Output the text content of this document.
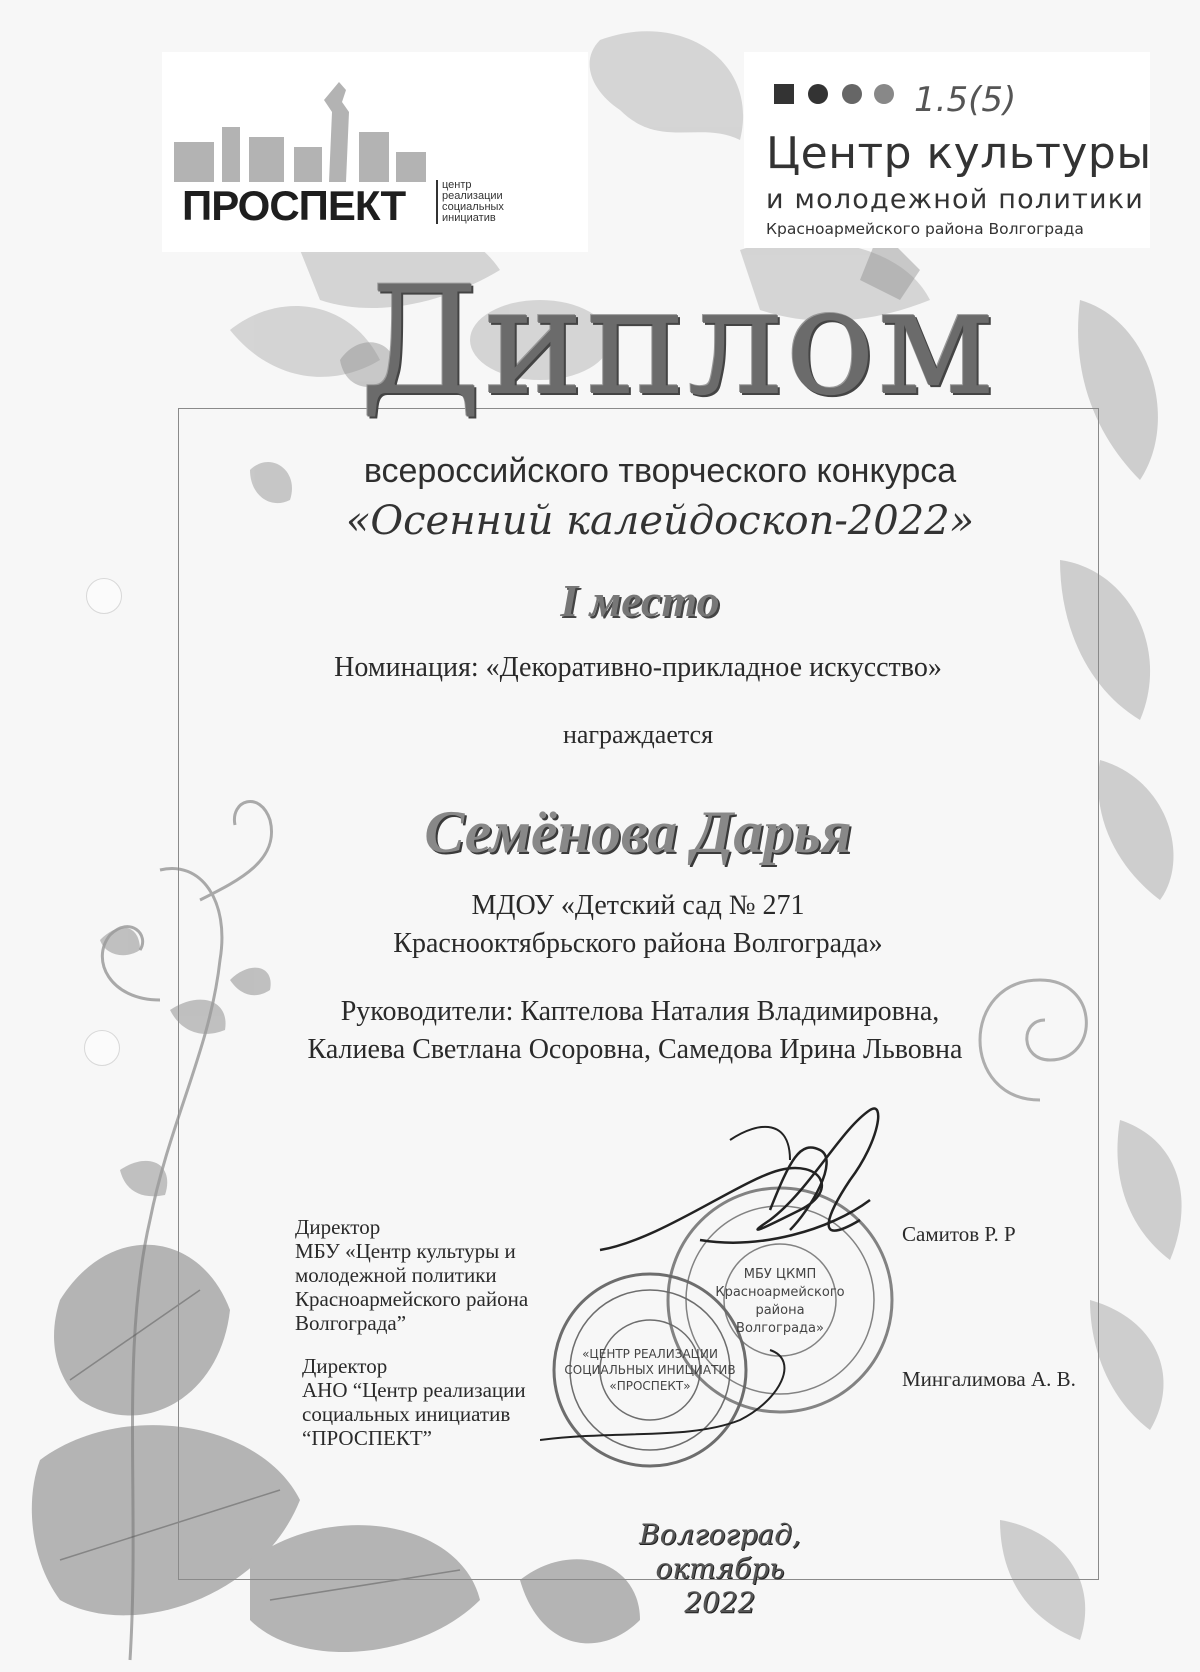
ПРОСПЕКТ	центр
реализации
социальных
инициатив
1.5(5)
Центр культуры
и молодежной политики
Красноармейского района Волгограда
Диплом
всероссийского творческого конкурса
«Осенний калейдоскоп-2022»
I место
Номинация: «Декоративно-прикладное искусство»
награждается
Семёнова Дарья
МДОУ «Детский сад № 271
Краснооктябрьского района Волгограда»
Руководители: Каптелова Наталия Владимировна,
Калиева Светлана Осоровна, Самедова Ирина Львовна
Директор
МБУ «Центр культуры и
молодежной политики
Красноармейского района
Волгограда”
Директор
АНО “Центр реализации
социальных инициатив
“ПРОСПЕКТ”
Самитов Р. Р
Мингалимова А. В.
«ЦЕНТР РЕАЛИЗАЦИИ
СОЦИАЛЬНЫХ ИНИЦИАТИВ
«ПРОСПЕКТ»
МБУ ЦКМП
Красноармейского
района
Волгограда»
Волгоград,
октябрь 2022
